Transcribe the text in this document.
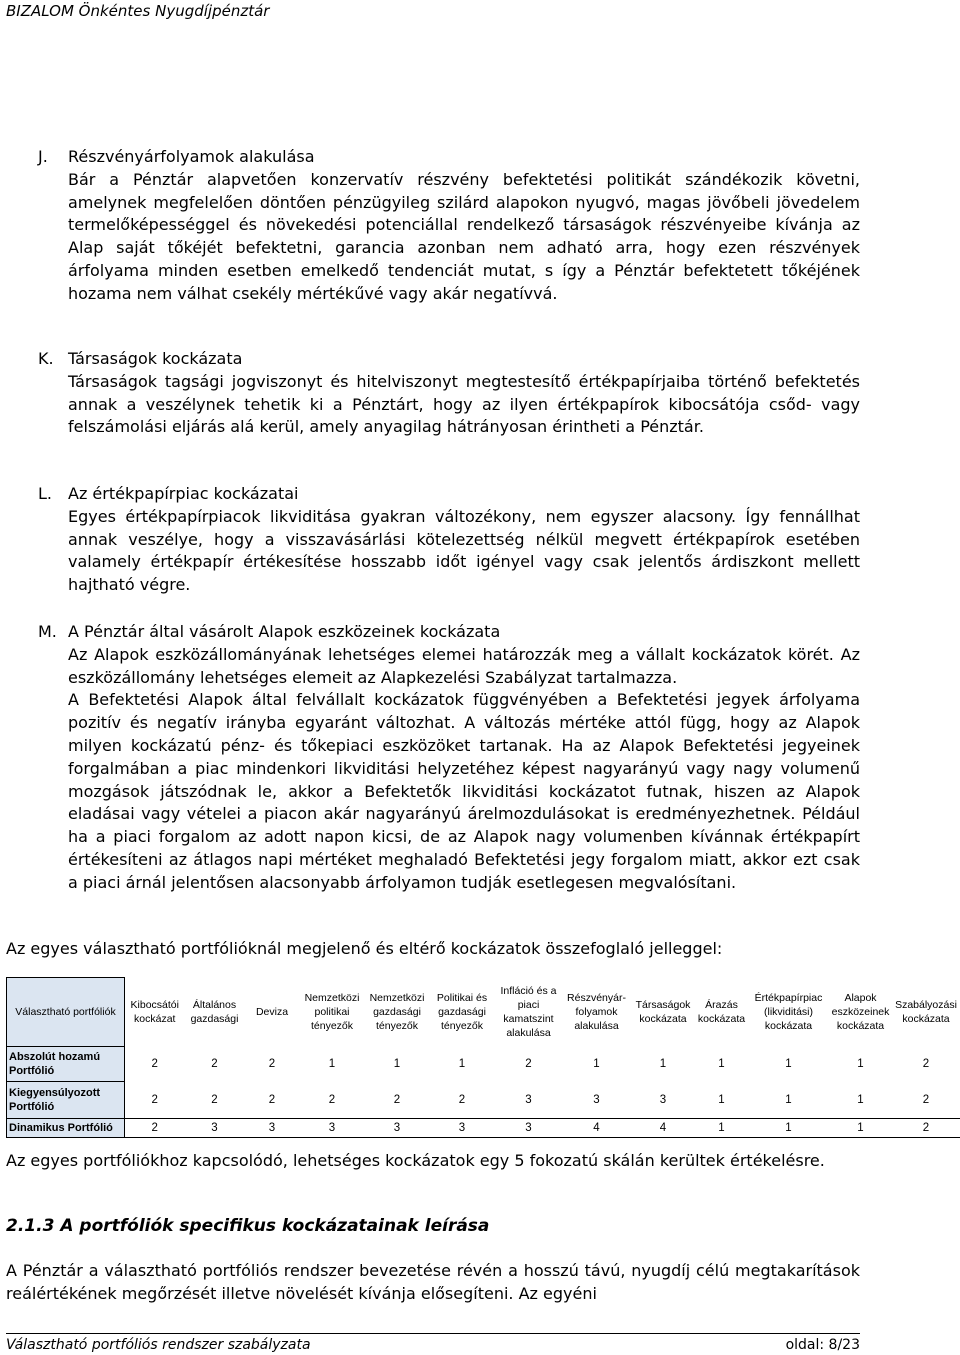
BIZALOM Önkéntes Nyugdíjpénztár
J.	Részvényárfolyamok alakulása

Bár a Pénztár alapvetően konzervatív részvény befektetési politikát szándékozik követni, amelynek megfelelően döntően pénzügyileg szilárd alapokon nyugvó, magas jövőbeli jövedelem termelőképességgel és növekedési potenciállal rendelkező társaságok részvényeibe kívánja az Alap saját tőkéjét befektetni, garancia azonban nem adható arra, hogy ezen részvények árfolyama minden esetben emelkedő tendenciát mutat, s így a Pénztár befektetett tőkéjének hozama nem válhat csekély mértékűvé vagy akár negatívvá.

K. Társaságok kockázata

Társaságok tagsági jogviszonyt és hitelviszonyt megtestesítő értékpapírjaiba történő befektetés annak a veszélynek tehetik ki a Pénztárt, hogy az ilyen értékpapírok kibocsátója csőd- vagy felszámolási eljárás alá kerül, amely anyagilag hátrányosan érintheti a Pénztár.

L.	Az értékpapírpiac kockázatai

Egyes értékpapírpiacok likviditása gyakran változékony, nem egyszer alacsony. Így fennállhat annak veszélye, hogy a visszavásárlási kötelezettség nélkül megvett értékpapírok esetében valamely értékpapír értékesítése hosszabb időt igényel vagy csak jelentős árdiszkont mellett hajtható végre.

M. A Pénztár által vásárolt Alapok eszközeinek kockázata

Az Alapok eszközállományának lehetséges elemei határozzák meg a vállalt kockázatok körét. Az eszközállomány lehetséges elemeit az Alapkezelési Szabályzat tartalmazza.

A Befektetési Alapok által felvállalt kockázatok függvényében a Befektetési jegyek árfolyama pozitív és negatív irányba egyaránt változhat. A változás mértéke attól függ, hogy az Alapok milyen kockázatú pénz- és tőkepiaci eszközöket tartanak. Ha az Alapok Befektetési jegyeinek forgalmában a piac mindenkori likviditási helyzetéhez képest nagyarányú vagy nagy volumenű mozgások játszódnak le, akkor a Befektetők likviditási kockázatot futnak, hiszen az Alapok eladásai vagy vételei a piacon akár nagyarányú árelmozdulásokat is eredményezhetnek. Például ha a piaci forgalom az adott napon kicsi, de az Alapok nagy volumenben kívánnak értékpapírt értékesíteni az átlagos napi mértéket meghaladó Befektetési jegy forgalom miatt, akkor ezt csak a piaci árnál jelentősen alacsonyabb árfolyamon tudják esetlegesen megvalósítani.

Az egyes választható portfólióknál megjelenő és eltérő kockázatok összefoglaló jelleggel:
Választható portfóliók	Kibocsátói kockázat	Általános gazdasági	Deviza	Nemzetközi politikai tényezők	Nemzetközi gazdasági tényezők	Politikai és gazdasági tényezők	Infláció és a piaci kamatszint alakulása	Részvényár-folyamok alakulása	Társaságok kockázata	Árazás kockázata	Értékpapírpiac (likviditási) kockázata	Alapok eszközeinek kockázata	Szabályozási kockázata
Abszolút hozamú Portfólió	2	2	2	1	1	1	2	1	1	1	1	1	2
Kiegyensúlyozott Portfólió	2	2	2	2	2	2	3	3	3	1	1	1	2
Dinamikus Portfólió	2	3	3	3	3	3	3	4	4	1	1	1	2
Az egyes portfóliókhoz kapcsolódó, lehetséges kockázatok egy 5 fokozatú skálán kerültek értékelésre.
2.1.3 A portfóliók specifikus kockázatainak leírása
A Pénztár a választható portfóliós rendszer bevezetése révén a hosszú távú, nyugdíj célú megtakarítások reálértékének megőrzését illetve növelését kívánja elősegíteni. Az egyéni
Választható portfóliós rendszer szabályzata	oldal: 8/23
